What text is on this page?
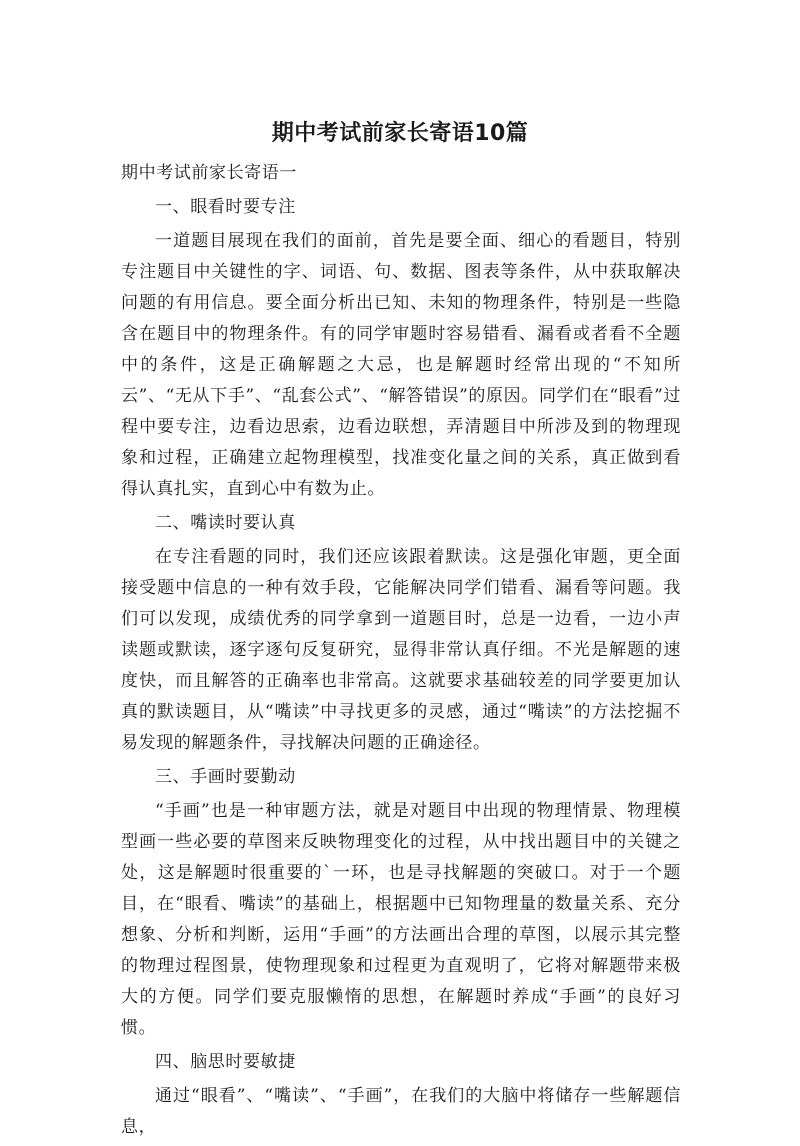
期中考试前家长寄语10篇

期中考试前家长寄语一

一、眼看时要专注

一道题目展现在我们的面前，首先是要全面、细心的看题目，特别专注题目中关键性的字、词语、句、数据、图表等条件，从中获取解决问题的有用信息。要全面分析出已知、未知的物理条件，特别是一些隐含在题目中的物理条件。有的同学审题时容易错看、漏看或者看不全题中的条件，这是正确解题之大忌，也是解题时经常出现的“不知所云”、“无从下手”、“乱套公式”、“解答错误”的原因。同学们在“眼看”过程中要专注，边看边思索，边看边联想，弄清题目中所涉及到的物理现象和过程，正确建立起物理模型，找准变化量之间的关系，真正做到看得认真扎实，直到心中有数为止。

二、嘴读时要认真

在专注看题的同时，我们还应该跟着默读。这是强化审题，更全面接受题中信息的一种有效手段，它能解决同学们错看、漏看等问题。我们可以发现，成绩优秀的同学拿到一道题目时，总是一边看，一边小声读题或默读，逐字逐句反复研究，显得非常认真仔细。不光是解题的速度快，而且解答的正确率也非常高。这就要求基础较差的同学要更加认真的默读题目，从“嘴读”中寻找更多的灵感，通过“嘴读”的方法挖掘不易发现的解题条件，寻找解决问题的正确途径。

三、手画时要勤动

“手画”也是一种审题方法，就是对题目中出现的物理情景、物理模型画一些必要的草图来反映物理变化的过程，从中找出题目中的关键之处，这是解题时很重要的`一环，也是寻找解题的突破口。对于一个题目，在“眼看、嘴读”的基础上，根据题中已知物理量的数量关系、充分想象、分析和判断，运用“手画”的方法画出合理的草图，以展示其完整的物理过程图景，使物理现象和过程更为直观明了，它将对解题带来极大的方便。同学们要克服懒惰的思想，在解题时养成“手画”的良好习惯。

四、脑思时要敏捷

通过“眼看”、“嘴读”、“手画”，在我们的大脑中将储存一些解题信息，
